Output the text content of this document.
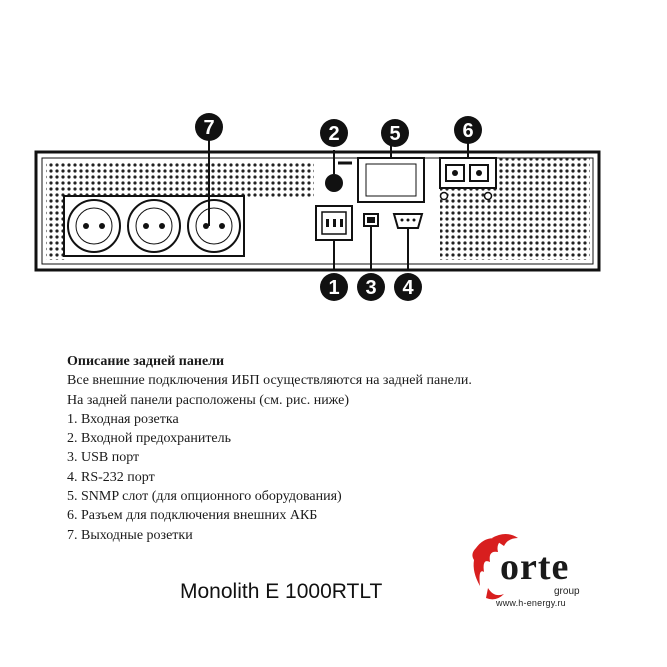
1
2
3 4
5	6
7
Описание задней панели
Все внешние подключения ИБП осуществляются на задней панели.
На задней панели расположены (см. рис. ниже)
1. Входная розетка
2. Входной предохранитель
3. USB порт
4. RS-232 порт
5. SNMP слот (для опционного оборудования)
6. Разъем для подключения внешних АКБ
7. Выходные розетки
Monolith E 1000RTLT
orte
group
www.h-energy.ru
